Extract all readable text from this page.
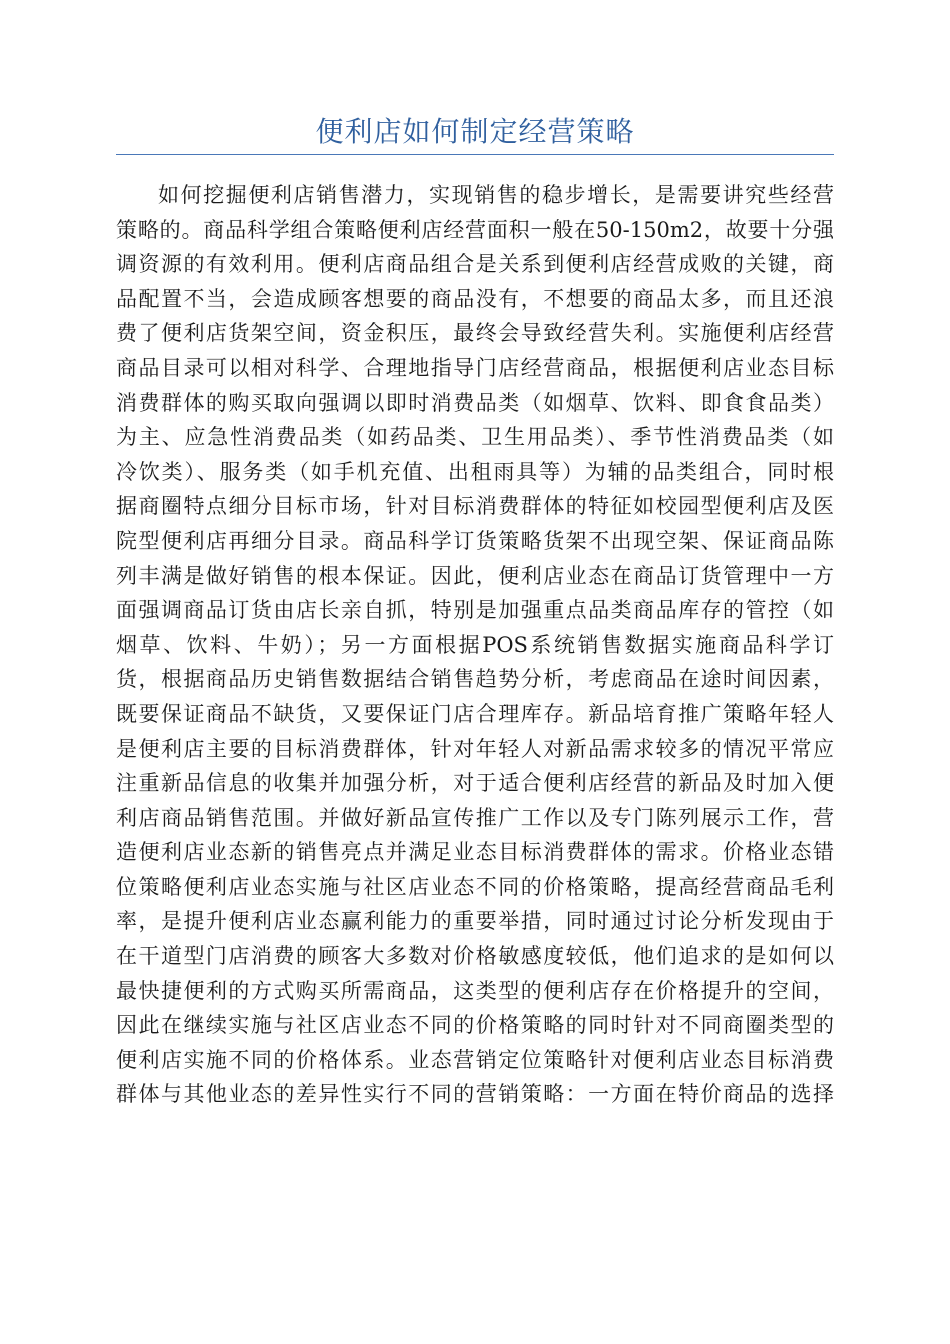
便利店如何制定经营策略
如何挖掘便利店销售潜力，实现销售的稳步增长，是需要讲究些经营
策略的。商品科学组合策略便利店经营面积一般在50-150m2，故要十分强
调资源的有效利用。便利店商品组合是关系到便利店经营成败的关键，商
品配置不当，会造成顾客想要的商品没有，不想要的商品太多，而且还浪
费了便利店货架空间，资金积压，最终会导致经营失利。实施便利店经营
商品目录可以相对科学、合理地指导门店经营商品，根据便利店业态目标
消费群体的购买取向强调以即时消费品类（如烟草、饮料、即食食品类）
为主、应急性消费品类（如药品类、卫生用品类）、季节性消费品类（如
冷饮类）、服务类（如手机充值、出租雨具等）为辅的品类组合，同时根
据商圈特点细分目标市场，针对目标消费群体的特征如校园型便利店及医
院型便利店再细分目录。商品科学订货策略货架不出现空架、保证商品陈
列丰满是做好销售的根本保证。因此，便利店业态在商品订货管理中一方
面强调商品订货由店长亲自抓，特别是加强重点品类商品库存的管控（如
烟草、饮料、牛奶）；另一方面根据POS系统销售数据实施商品科学订
货，根据商品历史销售数据结合销售趋势分析，考虑商品在途时间因素，
既要保证商品不缺货，又要保证门店合理库存。新品培育推广策略年轻人
是便利店主要的目标消费群体，针对年轻人对新品需求较多的情况平常应
注重新品信息的收集并加强分析，对于适合便利店经营的新品及时加入便
利店商品销售范围。并做好新品宣传推广工作以及专门陈列展示工作，营
造便利店业态新的销售亮点并满足业态目标消费群体的需求。价格业态错
位策略便利店业态实施与社区店业态不同的价格策略，提高经营商品毛利
率，是提升便利店业态赢利能力的重要举措，同时通过讨论分析发现由于
在干道型门店消费的顾客大多数对价格敏感度较低，他们追求的是如何以
最快捷便利的方式购买所需商品，这类型的便利店存在价格提升的空间，
因此在继续实施与社区店业态不同的价格策略的同时针对不同商圈类型的
便利店实施不同的价格体系。业态营销定位策略针对便利店业态目标消费
群体与其他业态的差异性实行不同的营销策略：一方面在特价商品的选择
